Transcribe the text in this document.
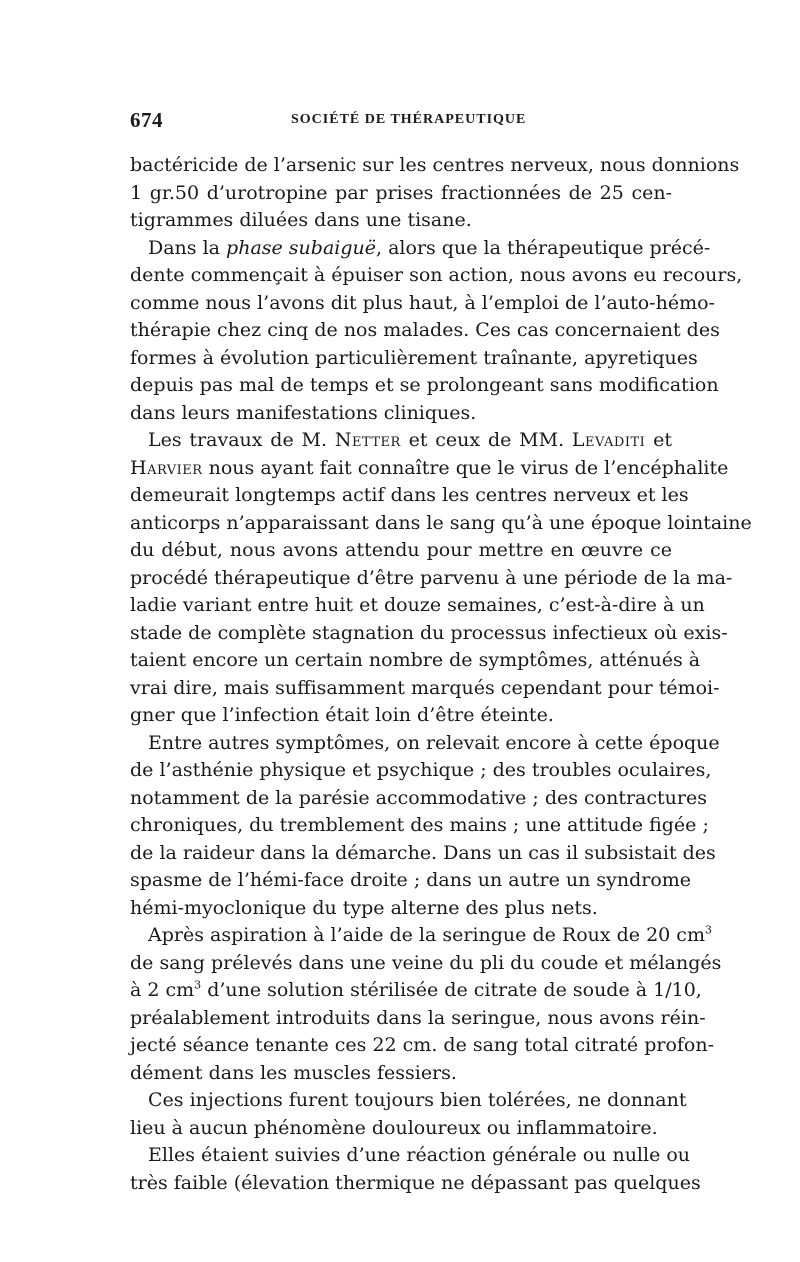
674	SOCIÉTÉ DE THÉRAPEUTIQUE
bactéricide de l’arsenic sur les centres nerveux, nous donnions
1 gr.50 d’urotropine par prises fractionnées de 25 cen-
tigrammes diluées dans une tisane.
Dans la phase subaiguë, alors que la thérapeutique précé-
dente commençait à épuiser son action, nous avons eu recours,
comme nous l’avons dit plus haut, à l’emploi de l’auto-hémo-
thérapie chez cinq de nos malades. Ces cas concernaient des
formes à évolution particulièrement traînante, apyretiques
depuis pas mal de temps et se prolongeant sans modification
dans leurs manifestations cliniques.
Les travaux de M. Netter et ceux de MM. Levaditi et
Harvier nous ayant fait connaître que le virus de l’encéphalite
demeurait longtemps actif dans les centres nerveux et les
anticorps n’apparaissant dans le sang qu’à une époque lointaine
du début, nous avons attendu pour mettre en œuvre ce
procédé thérapeutique d’être parvenu à une période de la ma-
ladie variant entre huit et douze semaines, c’est-à-dire à un
stade de complète stagnation du processus infectieux où exis-
taient encore un certain nombre de symptômes, atténués à
vrai dire, mais suffisamment marqués cependant pour témoi-
gner que l’infection était loin d’être éteinte.
Entre autres symptômes, on relevait encore à cette époque
de l’asthénie physique et psychique ; des troubles oculaires,
notamment de la parésie accommodative ; des contractures
chroniques, du tremblement des mains ; une attitude figée ;
de la raideur dans la démarche. Dans un cas il subsistait des
spasme de l’hémi-face droite ; dans un autre un syndrome
hémi-myoclonique du type alterne des plus nets.
Après aspiration à l’aide de la seringue de Roux de 20 $cm^3$
de sang prélevés dans une veine du pli du coude et mélangés
à 2 $cm^3$ d’une solution stérilisée de citrate de soude à 1/10,
préalablement introduits dans la seringue, nous avons réin-
jecté séance tenante ces 22 cm. de sang total citraté profon-
dément dans les muscles fessiers.
Ces injections furent toujours bien tolérées, ne donnant
lieu à aucun phénomène douloureux ou inflammatoire.
Elles étaient suivies d’une réaction générale ou nulle ou
très faible (élevation thermique ne dépassant pas quelques
